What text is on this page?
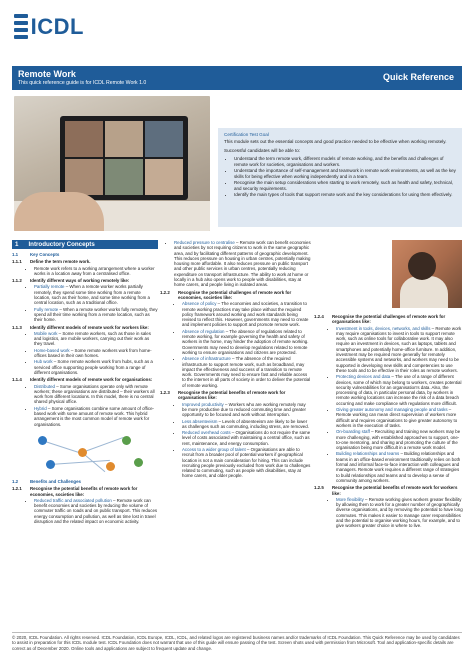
ICDL
Remote Work
This quick reference guide is for ICDL Remote Work 1.0
Quick Reference
Certification Test Goal
This module sets out the essential concepts and good practice needed to be effective when working remotely.
Successful candidates will be able to:
• Understand the term remote work, different models of remote working, and the benefits and challenges of remote work for societies, organisations and workers.
• Understand the importance of self-management and teamwork in remote work environments, as well as the key skills for being effective when working independently and in a team.
• Recognise the main setup considerations when starting to work remotely, such as health and safety, technical, and security requirements.
• Identify the main types of tools that support remote work and the key considerations for using them effectively.
1 Introductory Concepts
1.1	Key Concepts
1.1.1	Define the term remote work.
• Remote work refers to a working arrangement where a worker works in a location away from a centralised office.
1.1.2	Identify different ways of working remotely like:
• Partially remote – When a remote worker works partially remotely, they spend some time working from a remote location, such as their home, and some time working from a central location, such as a traditional office.
• Fully remote – When a remote worker works fully remotely, they spend all their time working from a remote location, such as their home.
1.1.3	Identify different models of remote work for workers like:
• Mobile work – Some remote workers, such as those in sales and logistics, are mobile workers, carrying out their work as they travel.
• Home-based work – Some remote workers work from home-offices based in their own homes.
• Hub work – Some remote workers work from hubs, such as a serviced office supporting people working from a range of different organisations.
1.1.4	Identify different models of remote work for organisations:
• Distributed – Some organisations operate only with remote workers; these organisations are distributed – their workers all work from different locations. In this model, there is no central shared physical office.
• Hybrid – Some organisations combine some amount of office-based work with some amount of remote work. This hybrid arrangement is the most common model of remote work for organisations.
1.2	Benefits and Challenges
1.2.1	Recognise the potential benefits of remote work for economies, societies like:
• Reduced traffic and associated pollution – Remote work can benefit economies and societies by reducing the volume of commuter traffic on roads and on public transport. This reduces energy consumption and pollution, as well as time lost in travel disruption and the related impact on economic activity.
• Reduced pressure to centralise – Remote work can benefit economies and societies by not requiring citizens to work in the same geographic area, and by facilitating different patterns of geographic development. This reduces pressure on housing in urban centres, potentially making housing more affordable. It also reduces pressure on public transport and other public services in urban centres, potentially reducing expenditure on transport infrastructure. The ability to work at home or locally in a hub also opens work to people with disabilities, stay at home carers, and people living in isolated areas.
1.2.2	Recognise the potential challenges of remote work for economies, societies like:
• Absence of policy – The economies and societies, a transition to remote working practices may take place without the required policy framework around working and work standards being revised to reflect this. However, governments may need to create and implement policies to support and promote remote work.
• Absence of regulation – The absence of regulations related to remote working, for example governing the health and safety of workers in the home, may hinder the adoption of remote working. Governments may need to develop regulations related to remote working to ensure organisations and citizens are protected.
• Absence of infrastructure – The absence of the required infrastructure to support remote work, such as broadband, may impact the effectiveness and success of a transition to remote work. Governments may need to ensure fast and reliable access to the internet in all parts of society in order to deliver the potential of remote working.
1.2.3	Recognise the potential benefits of remote work for organisations like:
• Improved productivity – Workers who are working remotely may be more productive due to reduced commuting time and greater opportunity to be focused and work without interruption.
• Less absenteeism – Levels of absenteeism are likely to be lower as challenges such as commuting, including stress, are removed.
• Reduced overhead costs – Organisations do not require the same level of costs associated with maintaining a central office, such as rent, maintenance, and energy consumption.
• Access to a wider group of talent – Organisations are able to recruit from a broader pool of potential workers if geographical location is not a main consideration for hiring. This can include recruiting people previously excluded from work due to challenges related to commuting, such as people with disabilities, stay at home carers, and older people.
1.2.4	Recognise the potential challenges of remote work for organisations like:
• Investment in tools, devices, networks, and skills – Remote work may require organisations to invest in tools to support remote work, such as online tools for collaborative work. It may also require an investment in devices, such as laptops, tablets and smartphones and potentially home-office furniture. In addition, investment may be required more generally for remotely accessible systems and networks, and workers may need to be supported in developing new skills and competencies to use these tools and to be effective in their roles as remote workers.
• Protecting devices and data – The use of a range of different devices, some of which may belong to workers, creates potential security vulnerabilities for an organisation's data. Also, the processing of data, in particular personal data, by workers in remote working locations can increase the risk of a data breach occurring and make compliance with regulations more difficult.
• Giving greater autonomy and managing people and tasks – Remote working can mean direct supervision of workers more difficult and requires organisations to give greater autonomy to workers in the execution of tasks.
• On-boarding staff – Recruiting and training new workers may be more challenging, with established approaches to support, one-to-one mentoring, and sharing and promoting the culture of the organisation being more difficult in a remote work model.
• Building relationships and teams – Building relationships and teams in an office-based environment traditionally relies on both formal and informal face-to-face interaction with colleagues and managers. Remote work requires a different range of strategies to build relationships and teams and to develop a sense of community among workers.
1.2.5	Recognise the potential benefits of remote work for workers like:
• More flexibility – Remote working gives workers greater flexibility by allowing them to work for a greater number of geographically diverse organisations, and by removing the potential to have long commutes. This makes it easier to manage carer responsibilities and the potential to organise working hours, for example, and to give workers greater choice in where to live.
© 2020, ICDL Foundation. All rights reserved. ICDL Foundation, ICDL Europe, ICDL, ICDL, and related logos are registered business names and/or trademarks of ICDL Foundation. This Quick Reference may be used by candidates to assist in preparation for this ICDL module test. ICDL Foundation does not warrant that use of this guide will ensure passing of the test. Screen shots used with permission from Microsoft. Tool and application-specific details are correct as of December 2020. Online tools and applications are subject to frequent update and change.
